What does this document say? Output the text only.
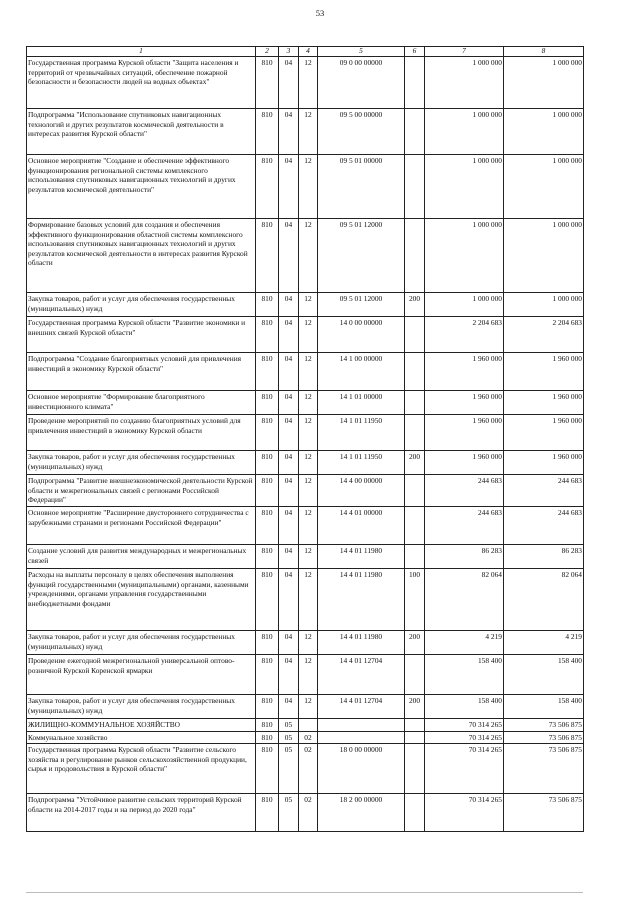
53
1	2	3	4	5	6	7	8
Государственная программа Курской области "Защита населения и территорий от чрезвычайных ситуаций, обеспечение пожарной безопасности и безопасности людей на водных объектах"	810	04	12	09 0 00 00000		1 000 000	1 000 000
Подпрограмма "Использование спутниковых навигационных технологий и других результатов космической деятельности в интересах развития Курской области"	810	04	12	09 5 00 00000		1 000 000	1 000 000
Основное мероприятие "Создание и обеспечение эффективного функционирования региональной системы комплексного использования спутниковых навигационных технологий и других результатов космической деятельности"	810	04	12	09 5 01 00000		1 000 000	1 000 000
Формирование базовых условий для создания и обеспечения эффективного функционирования областной системы комплексного использования спутниковых навигационных технологий и других результатов космической деятельности в интересах развития Курской области	810	04	12	09 5 01 12000		1 000 000	1 000 000
Закупка товаров, работ и услуг для обеспечения государственных (муниципальных) нужд	810	04	12	09 5 01 12000	200	1 000 000	1 000 000
Государственная программа Курской области "Развитие экономики и внешних связей Курской области"	810	04	12	14 0 00 00000		2 204 683	2 204 683
Подпрограмма "Создание благоприятных условий для привлечения инвестиций в экономику Курской области"	810	04	12	14 1 00 00000		1 960 000	1 960 000
Основное мероприятие "Формирование благоприятного инвестиционного климата"	810	04	12	14 1 01 00000		1 960 000	1 960 000
Проведение мероприятий по созданию благоприятных условий для привлечения инвестиций в экономику Курской области	810	04	12	14 1 01 11950		1 960 000	1 960 000
Закупка товаров, работ и услуг для обеспечения государственных (муниципальных) нужд	810	04	12	14 1 01 11950	200	1 960 000	1 960 000
Подпрограмма "Развитие внешнеэкономической деятельности Курской области и межрегиональных связей с регионами Российской Федерации"	810	04	12	14 4 00 00000		244 683	244 683
Основное мероприятие "Расширение двустороннего сотрудничества с зарубежными странами и регионами Российской Федерации"	810	04	12	14 4 01 00000		244 683	244 683
Создание условий для развития международных и межрегиональных связей	810	04	12	14 4 01 11980		86 283	86 283
Расходы на выплаты персоналу в целях обеспечения выполнения функций государственными (муниципальными) органами, казенными учреждениями, органами управления государственными внебюджетными фондами	810	04	12	14 4 01 11980	100	82 064	82 064
Закупка товаров, работ и услуг для обеспечения государственных (муниципальных) нужд	810	04	12	14 4 01 11980	200	4 219	4 219
Проведение ежегодной межрегиональной универсальной оптово-розничной Курской Коренской ярмарки	810	04	12	14 4 01 12704		158 400	158 400
Закупка товаров, работ и услуг для обеспечения государственных (муниципальных) нужд	810	04	12	14 4 01 12704	200	158 400	158 400
ЖИЛИЩНО-КОММУНАЛЬНОЕ ХОЗЯЙСТВО	810	05				70 314 265	73 506 875
Коммунальное хозяйство	810	05	02			70 314 265	73 506 875
Государственная программа Курской области "Развитие сельского хозяйства и регулирование рынков сельскохозяйственной продукции, сырья и продовольствия в Курской области"	810	05	02	18 0 00 00000		70 314 265	73 506 875
Подпрограмма "Устойчивое развитие сельских территорий Курской области на 2014-2017 годы и на период до 2020 года"	810	05	02	18 2 00 00000		70 314 265	73 506 875
